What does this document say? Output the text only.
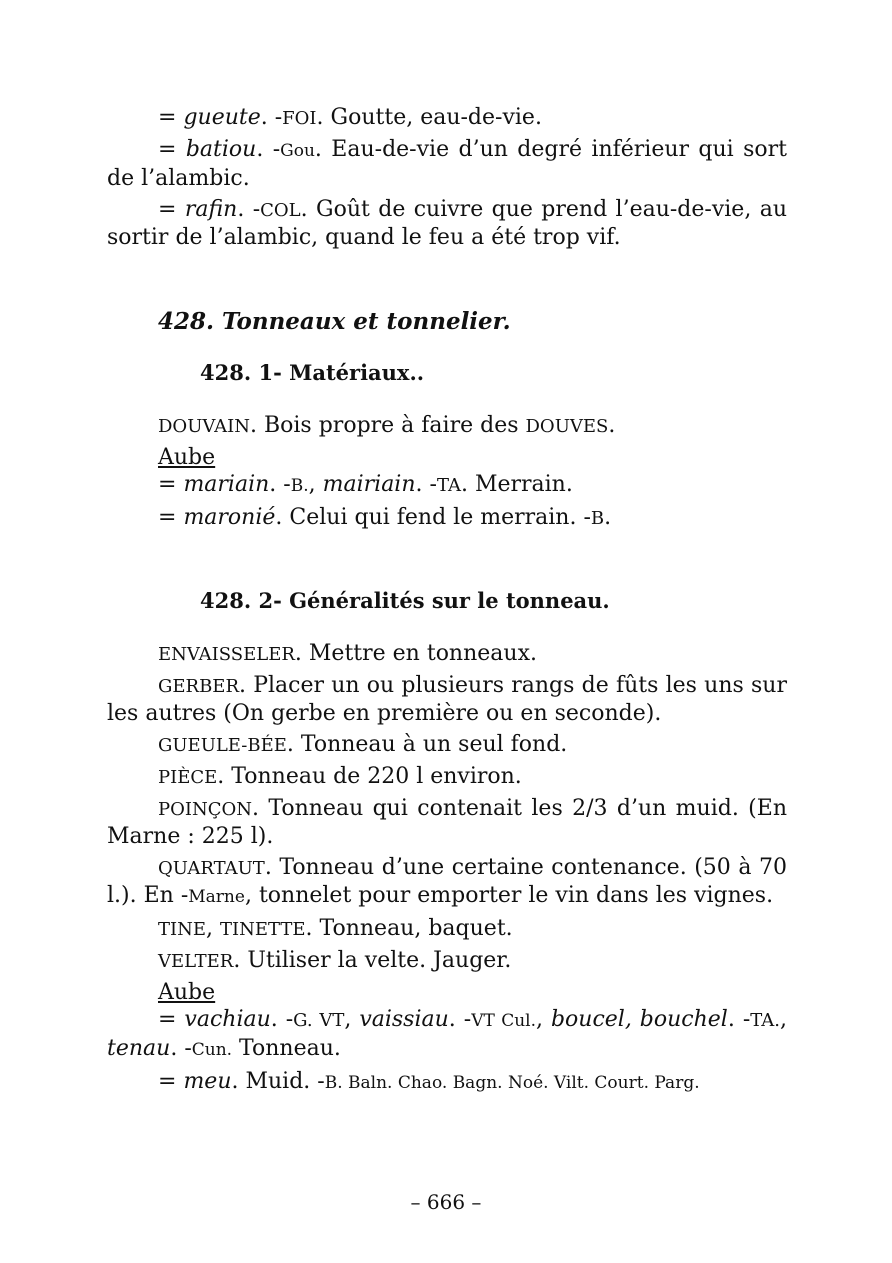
= gueute. -FOI. Goutte, eau-de-vie.

= batiou. -Gou. Eau-de-vie d’un degré inférieur qui sort de l’alambic.

= rafin. -COL. Goût de cuivre que prend l’eau-de-vie, au sortir de l’alambic, quand le feu a été trop vif.

428. Tonneaux et tonnelier.

428. 1- Matériaux..

DOUVAIN. Bois propre à faire des DOUVES.

Aube

= mariain. -B., mairiain. -TA. Merrain.

= maronié. Celui qui fend le merrain. -B.

428. 2- Généralités sur le tonneau.

ENVAISSELER. Mettre en tonneaux.

GERBER. Placer un ou plusieurs rangs de fûts les uns sur les autres (On gerbe en première ou en seconde).

GUEULE-BÉE. Tonneau à un seul fond.

PIÈCE. Tonneau de 220 l environ.

POINÇON. Tonneau qui contenait les 2/3 d’un muid. (En Marne : 225 l).

QUARTAUT. Tonneau d’une certaine contenance. (50 à 70 l.). En -Marne, tonnelet pour emporter le vin dans les vignes.

TINE, TINETTE. Tonneau, baquet.

VELTER. Utiliser la velte. Jauger.

Aube

= vachiau. -G. VT, vaissiau. -VT Cul., boucel, bouchel. -TA., tenau. -Cun. Tonneau.

= meu. Muid. -B. Baln. Chao. Bagn. Noé. Vilt. Court. Parg.

– 666 –
